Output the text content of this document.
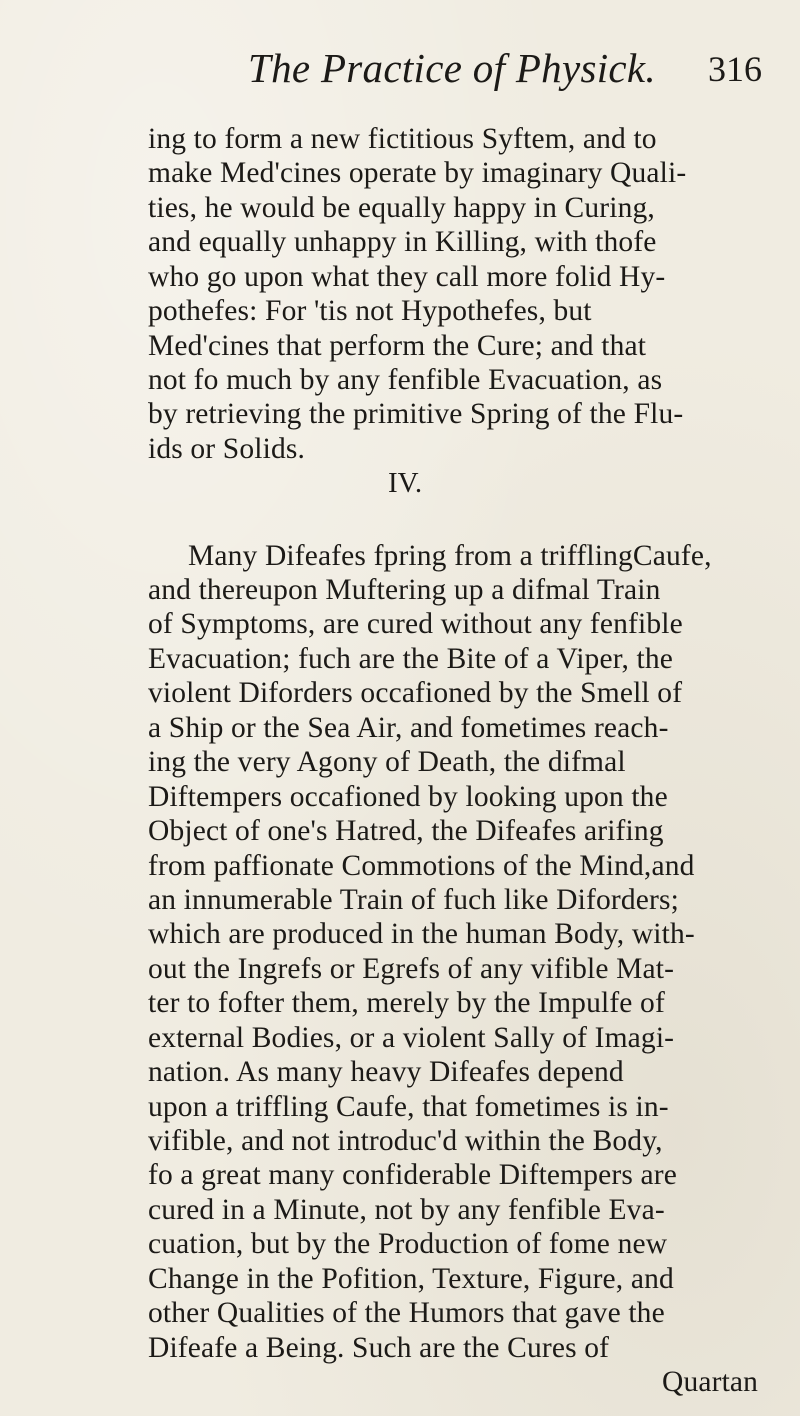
The Practice of Physick. 316
ing to form a new fictitious Syftem, and to
make Med'cines operate by imaginary Quali-
ties, he would be equally happy in Curing,
and equally unhappy in Killing, with thofe
who go upon what they call more folid Hy-
pothefes: For 'tis not Hypothefes, but
Med'cines that perform the Cure; and that
not fo much by any fenfible Evacuation, as
by retrieving the primitive Spring of the Flu-
ids or Solids.
IV.
Many Difeafes fpring from a trifflingCaufe,
and thereupon Muftering up a difmal Train
of Symptoms, are cured without any fenfible
Evacuation; fuch are the Bite of a Viper, the
violent Diforders occafioned by the Smell of
a Ship or the Sea Air, and fometimes reach-
ing the very Agony of Death, the difmal
Diftempers occafioned by looking upon the
Object of one's Hatred, the Difeafes arifing
from paffionate Commotions of the Mind,and
an innumerable Train of fuch like Diforders;
which are produced in the human Body, with-
out the Ingrefs or Egrefs of any vifible Mat-
ter to fofter them, merely by the Impulfe of
external Bodies, or a violent Sally of Imagi-
nation. As many heavy Difeafes depend
upon a triffling Caufe, that fometimes is in-
vifible, and not introduc'd within the Body,
fo a great many confiderable Diftempers are
cured in a Minute, not by any fenfible Eva-
cuation, but by the Production of fome new
Change in the Pofition, Texture, Figure, and
other Qualities of the Humors that gave the
Difeafe a Being. Such are the Cures of
Quartan
